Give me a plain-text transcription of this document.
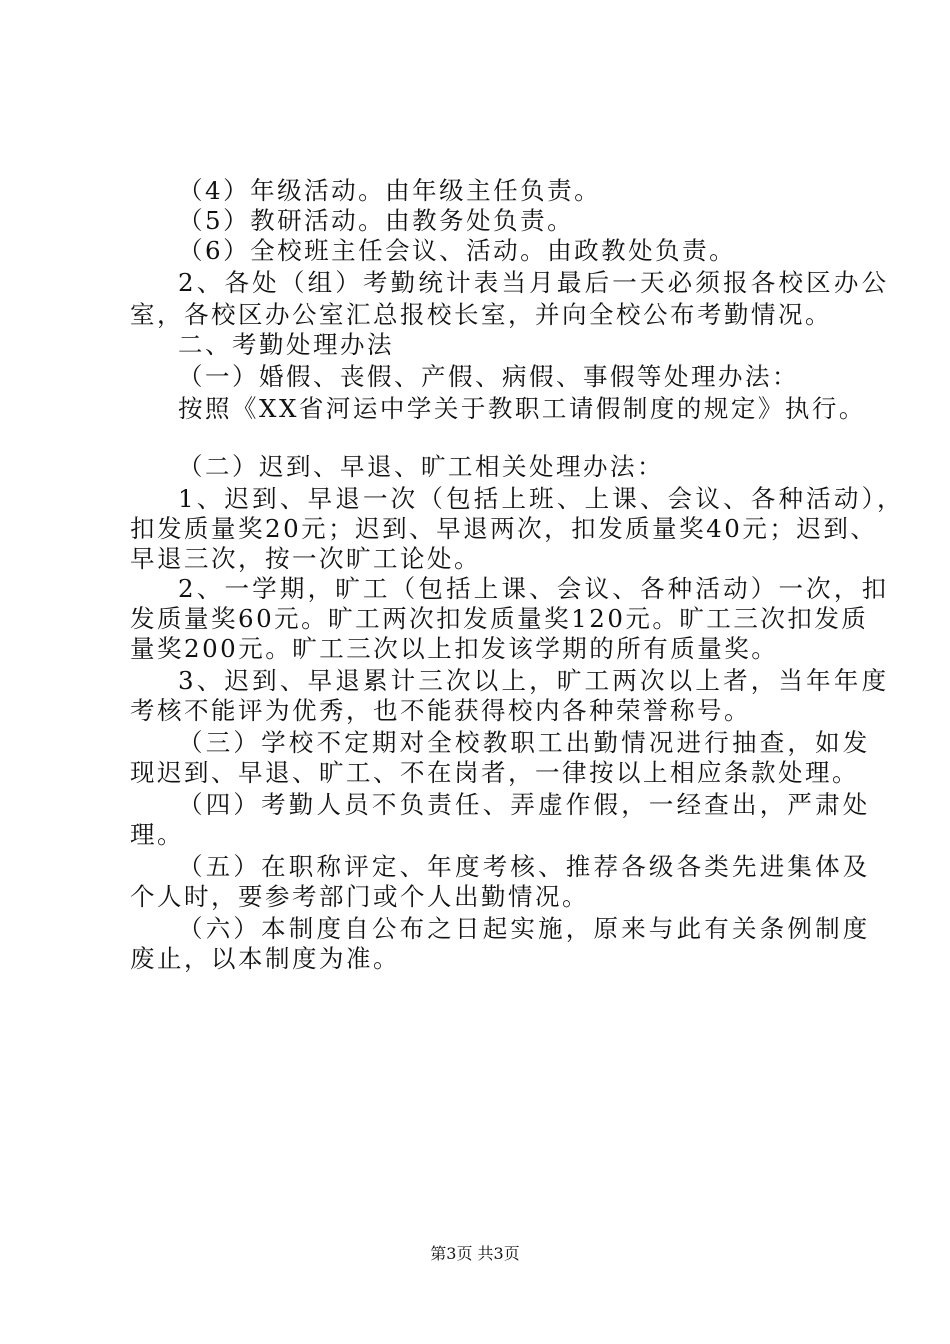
（4）年级活动。由年级主任负责。
（5）教研活动。由教务处负责。
（6）全校班主任会议、活动。由政教处负责。
2、各处（组）考勤统计表当月最后一天必须报各校区办公
室，各校区办公室汇总报校长室，并向全校公布考勤情况。
二、考勤处理办法
（一）婚假、丧假、产假、病假、事假等处理办法：
按照《XX省河运中学关于教职工请假制度的规定》执行。
（二）迟到、早退、旷工相关处理办法：
1、迟到、早退一次（包括上班、上课、会议、各种活动），
扣发质量奖20元；迟到、早退两次，扣发质量奖40元；迟到、
早退三次，按一次旷工论处。
2、一学期，旷工（包括上课、会议、各种活动）一次，扣
发质量奖60元。旷工两次扣发质量奖120元。旷工三次扣发质
量奖200元。旷工三次以上扣发该学期的所有质量奖。
3、迟到、早退累计三次以上，旷工两次以上者，当年年度
考核不能评为优秀，也不能获得校内各种荣誉称号。
（三）学校不定期对全校教职工出勤情况进行抽查，如发
现迟到、早退、旷工、不在岗者，一律按以上相应条款处理。
（四）考勤人员不负责任、弄虚作假，一经查出，严肃处
理。
（五）在职称评定、年度考核、推荐各级各类先进集体及
个人时，要参考部门或个人出勤情况。
（六）本制度自公布之日起实施，原来与此有关条例制度
废止，以本制度为准。
第3页 共3页
